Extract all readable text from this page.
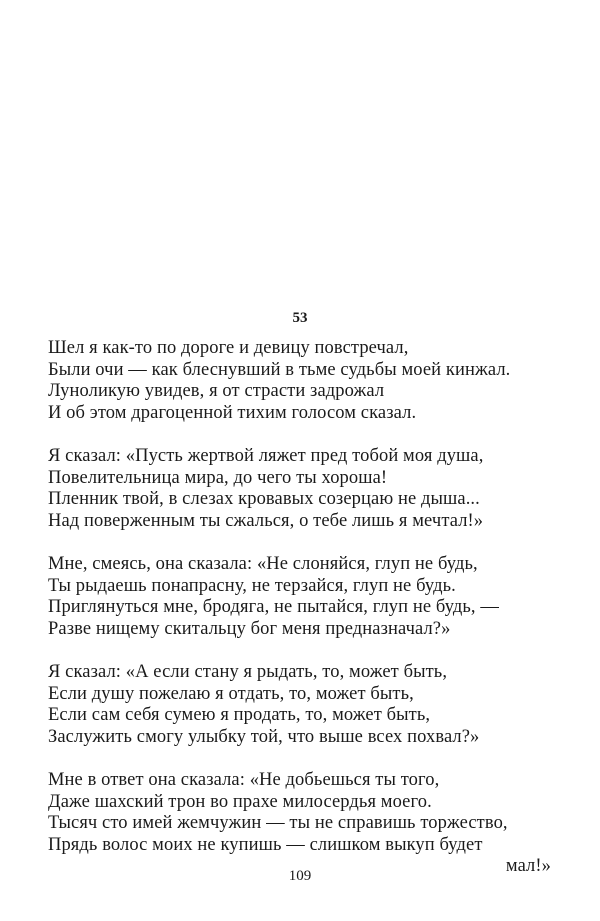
53
Шел я как-то по дороге и девицу повстречал,
Были очи — как блеснувший в тьме судьбы моей кинжал.
Луноликую увидев, я от страсти задрожал
И об этом драгоценной тихим голосом сказал.
Я сказал: «Пусть жертвой ляжет пред тобой моя душа,
Повелительница мира, до чего ты хороша!
Пленник твой, в слезах кровавых созерцаю не дыша...
Над поверженным ты сжалься, о тебе лишь я мечтал!»
Мне, смеясь, она сказала: «Не слоняйся, глуп не будь,
Ты рыдаешь понапрасну, не терзайся, глуп не будь.
Приглянуться мне, бродяга, не пытайся, глуп не будь, —
Разве нищему скитальцу бог меня предназначал?»
Я сказал: «А если стану я рыдать, то, может быть,
Если душу пожелаю я отдать, то, может быть,
Если сам себя сумею я продать, то, может быть,
Заслужить смогу улыбку той, что выше всех похвал?»
Мне в ответ она сказала: «Не добьешься ты того,
Даже шахский трон во прахе милосердья моего.
Тысяч сто имей жемчужин — ты не справишь торжество,
Прядь волос моих не купишь — слишком выкуп будет
мал!»
109
